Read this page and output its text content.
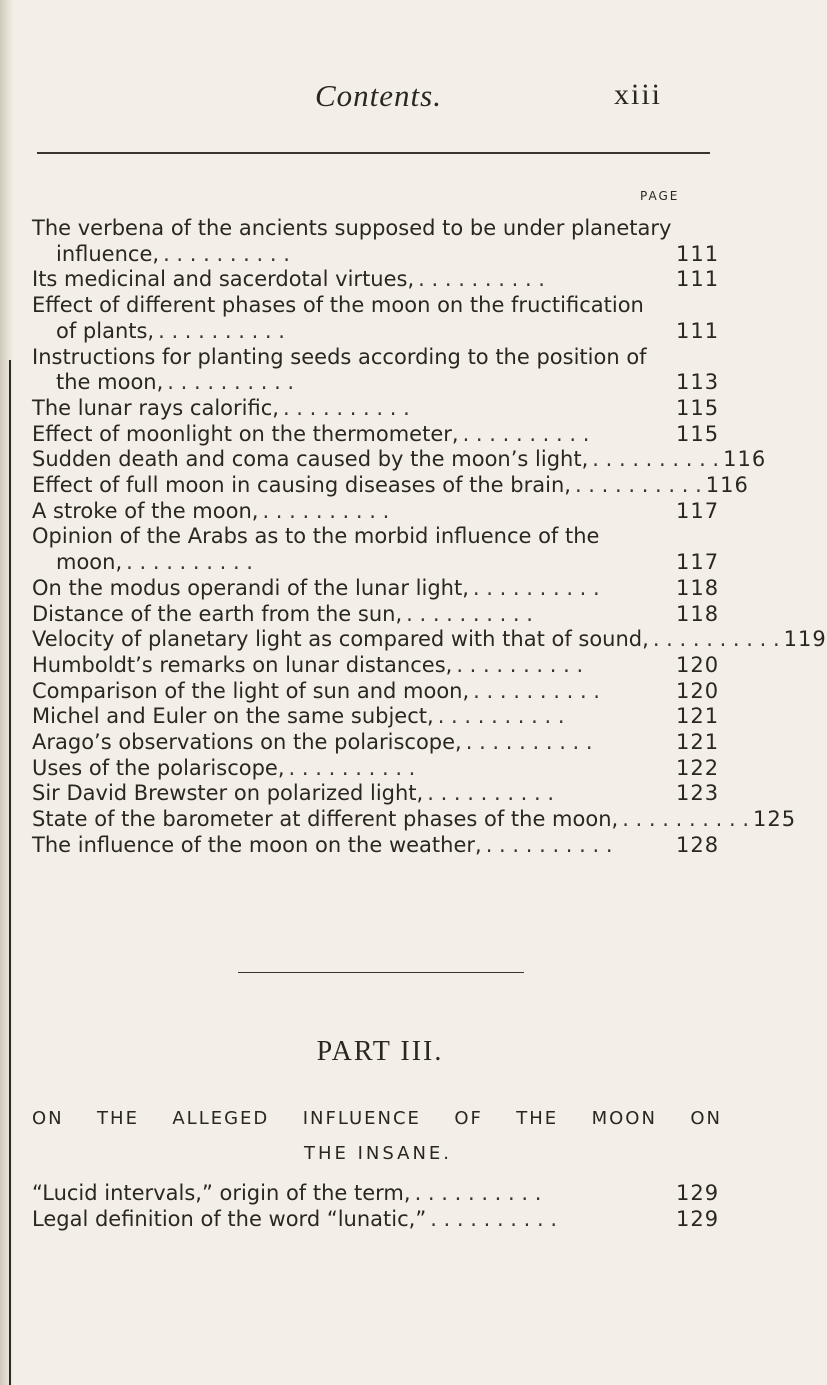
Contents.	xiii
PAGE
The verbena of the ancients supposed to be under planetary
influence, . . . . . . . . . .	111
Its medicinal and sacerdotal virtues, . . . . . . . . . .	111
Effect of different phases of the moon on the fructification
of plants, . . . . . . . . . .	111
Instructions for planting seeds according to the position of
the moon, . . . . . . . . . .	113
The lunar rays calorific, . . . . . . . . . .	115
Effect of moonlight on the thermometer, . . . . . . . . . .	115
Sudden death and coma caused by the moon’s light, . . . . . . . . . . 116
Effect of full moon in causing diseases of the brain, . . . . . . . . . . 116
A stroke of the moon, . . . . . . . . . .	117
Opinion of the Arabs as to the morbid influence of the
moon, . . . . . . . . . .	117
On the modus operandi of the lunar light, . . . . . . . . . .	118
Distance of the earth from the sun, . . . . . . . . . .	118
Velocity of planetary light as compared with that of sound, . . . . . . . . . . 119
Humboldt’s remarks on lunar distances, . . . . . . . . . .	120
Comparison of the light of sun and moon, . . . . . . . . . .	120
Michel and Euler on the same subject, . . . . . . . . . .	121
Arago’s observations on the polariscope, . . . . . . . . . .	121
Uses of the polariscope, . . . . . . . . . .	122
Sir David Brewster on polarized light, . . . . . . . . . .	123
State of the barometer at different phases of the moon, . . . . . . . . . . 125
The influence of the moon on the weather, . . . . . . . . . .	128
PART III.
ON THE ALLEGED INFLUENCE OF THE MOON ON
THE INSANE.
“Lucid intervals,” origin of the term, . . . . . . . . . .	129
Legal definition of the word “lunatic,” . . . . . . . . . .	129
